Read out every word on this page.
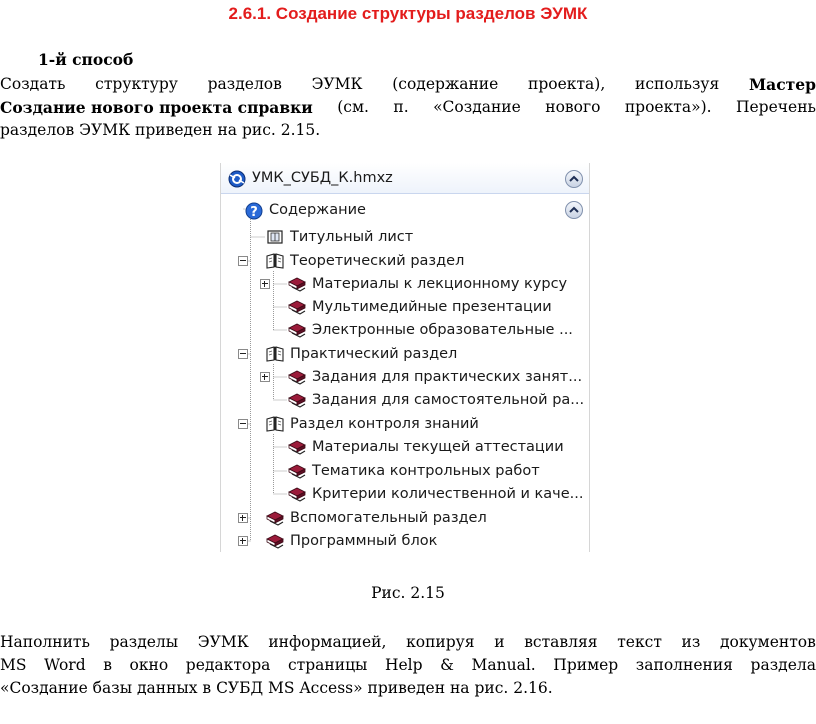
2.6.1. Создание структуры разделов ЭУМК
1-й способ
Создать структуру разделов ЭУМК (содержание проекта), используя Мастер
Создание нового проекта справки (см. п. «Создание нового проекта»). Перечень
разделов ЭУМК приведен на рис. 2.15.
УМК_СУБД_К.hmxz
? Содержание
Титульный лист
Теоретический раздел
Материалы к лекционному курсу
Мультимедийные презентации
Электронные образовательные ...
Практический раздел
Задания для практических занят...
Задания для самостоятельной ра...
Раздел контроля знаний
Материалы текущей аттестации
Тематика контрольных работ
Критерии количественной и каче...
Вспомогательный раздел
Программный блок
Рис. 2.15
Наполнить разделы ЭУМК информацией, копируя и вставляя текст из документов
MS Word в окно редактора страницы Help & Manual. Пример заполнения раздела
«Создание базы данных в СУБД MS Access» приведен на рис. 2.16.
